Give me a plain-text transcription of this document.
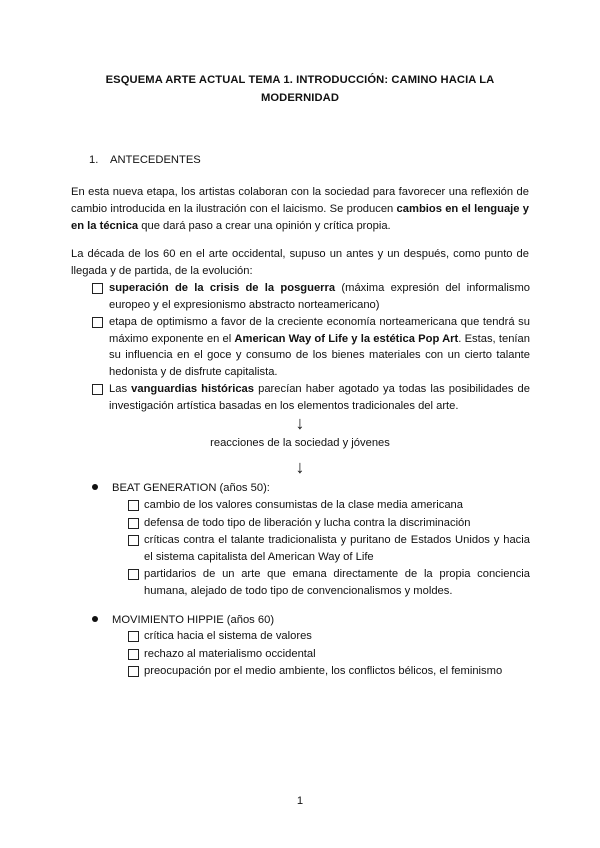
ESQUEMA ARTE ACTUAL TEMA 1. INTRODUCCIÓN: CAMINO HACIA LA
MODERNIDAD
1. ANTECEDENTES
En esta nueva etapa, los artistas colaboran con la sociedad para favorecer una reflexión de cambio introducida en la ilustración con el laicismo. Se producen cambios en el lenguaje y en la técnica que dará paso a crear una opinión y crítica propia.
La década de los 60 en el arte occidental, supuso un antes y un después, como punto de llegada y de partida, de la evolución:
superación de la crisis de la posguerra (máxima expresión del informalismo europeo y el expresionismo abstracto norteamericano)
etapa de optimismo a favor de la creciente economía norteamericana que tendrá su máximo exponente en el American Way of Life y la estética Pop Art. Estas, tenían su influencia en el goce y consumo de los bienes materiales con un cierto talante hedonista y de disfrute capitalista.
Las vanguardias históricas parecían haber agotado ya todas las posibilidades de investigación artística basadas en los elementos tradicionales del arte.
↓
reacciones de la sociedad y jóvenes
↓
BEAT GENERATION (años 50):
cambio de los valores consumistas de la clase media americana
defensa de todo tipo de liberación y lucha contra la discriminación
críticas contra el talante tradicionalista y puritano de Estados Unidos y hacia el sistema capitalista del American Way of Life
partidarios de un arte que emana directamente de la propia conciencia humana, alejado de todo tipo de convencionalismos y moldes.
MOVIMIENTO HIPPIE (años 60)
crítica hacia el sistema de valores
rechazo al materialismo occidental
preocupación por el medio ambiente, los conflictos bélicos, el feminismo
1
